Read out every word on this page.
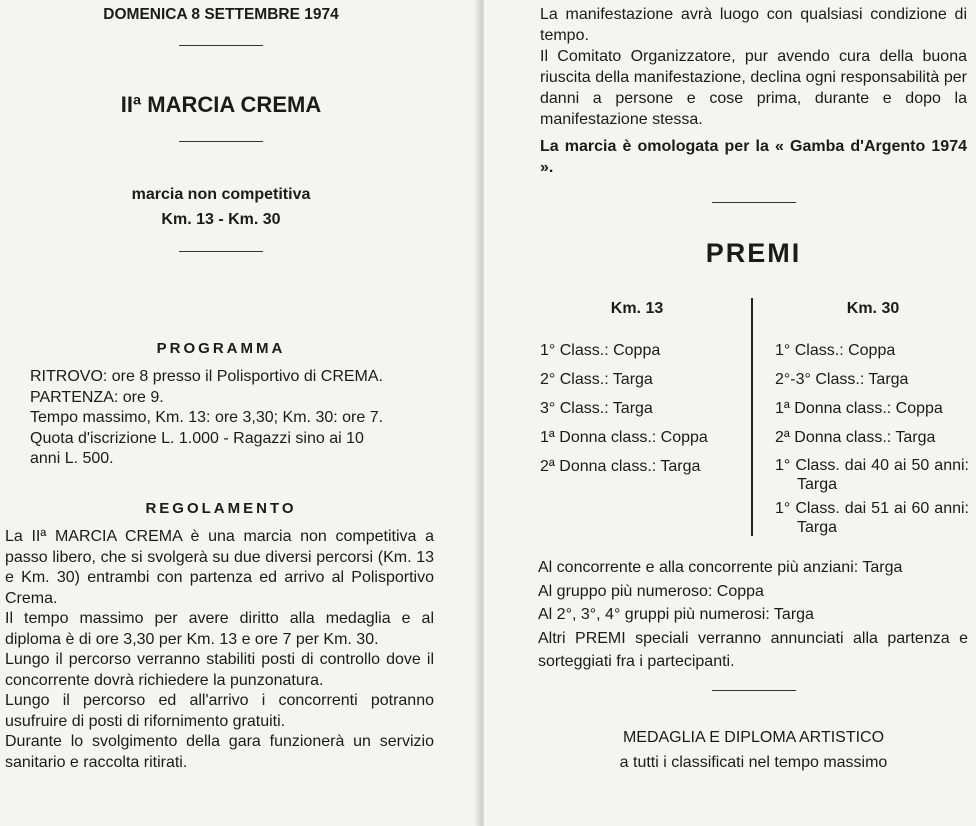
DOMENICA 8 SETTEMBRE 1974
IIª MARCIA CREMA
marcia non competitiva
Km. 13 - Km. 30
PROGRAMMA

RITROVO: ore 8 presso il Polisportivo di CREMA.

PARTENZA: ore 9.

Tempo massimo, Km. 13: ore 3,30; Km. 30: ore 7.

Quota d'iscrizione L. 1.000 - Ragazzi sino ai 10

anni L. 500.

REGOLAMENTO

La IIª MARCIA CREMA è una marcia non competitiva a passo libero, che si svolgerà su due diversi percorsi (Km. 13 e Km. 30) entrambi con partenza ed arrivo al Polisportivo Crema.

Il tempo massimo per avere diritto alla medaglia e al diploma è di ore 3,30 per Km. 13 e ore 7 per Km. 30.

Lungo il percorso verranno stabiliti posti di controllo dove il concorrente dovrà richiedere la punzonatura.

Lungo il percorso ed all'arrivo i concorrenti potranno usufruire di posti di rifornimento gratuiti.

Durante lo svolgimento della gara funzionerà un servizio sanitario e raccolta ritirati.

La manifestazione avrà luogo con qualsiasi condizione di tempo.

Il Comitato Organizzatore, pur avendo cura della buona riuscita della manifestazione, declina ogni responsabilità per danni a persone e cose prima, durante e dopo la manifestazione stessa.

La marcia è omologata per la « Gamba d'Argento 1974 ».
PREMI
Km. 13	Km. 30
1° Class.: Coppa
2° Class.: Targa
3° Class.: Targa
1ª Donna class.: Coppa
2ª Donna class.: Targa
1° Class.: Coppa
2°-3° Class.: Targa
1ª Donna class.: Coppa
2ª Donna class.: Targa
1° Class. dai 40 ai 50 anni: Targa
1° Class. dai 51 ai 60 anni: Targa

Al concorrente e alla concorrente più anziani: Targa

Al gruppo più numeroso: Coppa

Al 2°, 3°, 4° gruppi più numerosi: Targa

Altri PREMI speciali verranno annunciati alla partenza e sorteggiati fra i partecipanti.

MEDAGLIA E DIPLOMA ARTISTICO
a tutti i classificati nel tempo massimo
